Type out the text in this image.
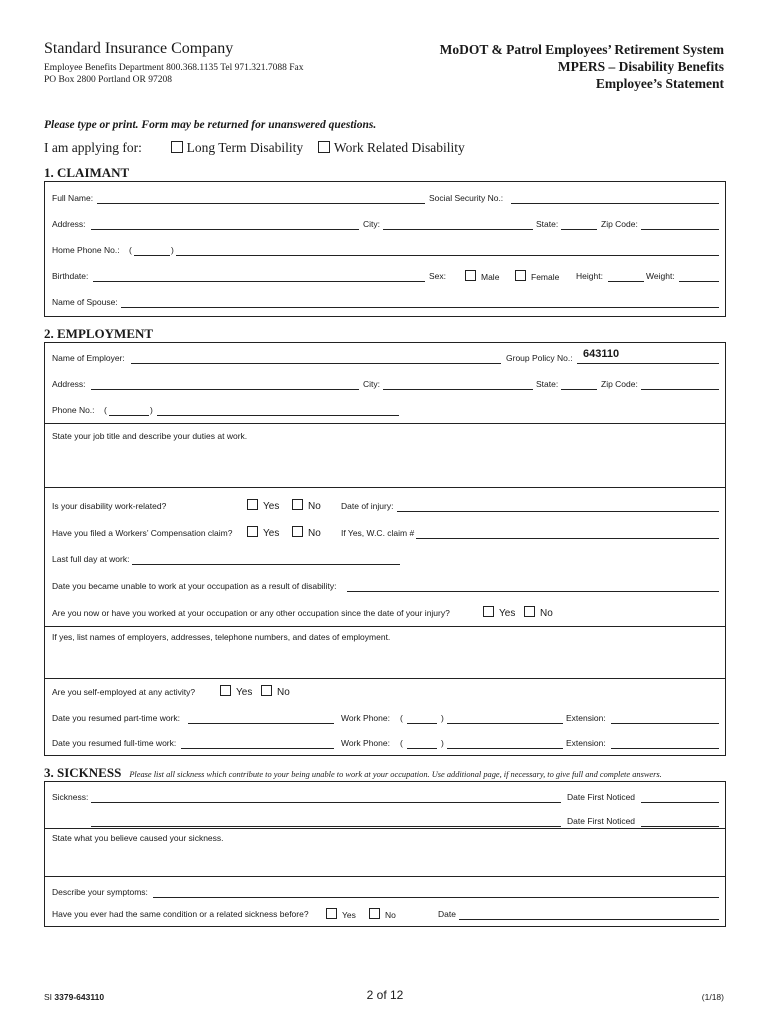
Standard Insurance Company
Employee Benefits Department 800.368.1135 Tel 971.321.7088 Fax
PO Box 2800 Portland OR 97208
MoDOT & Patrol Employees’ Retirement System
MPERS – Disability Benefits
Employee’s Statement
Please type or print. Form may be returned for unanswered questions.
I am applying for:	Long Term Disability Work Related Disability
1. CLAIMANT
Full Name:	Social Security No.:
Address:	City:	State:	Zip Code:
Home Phone No.: (	)
Birthdate:	Sex:	Male	Female Height:	Weight:
Name of Spouse:
2. EMPLOYMENT
Name of Employer:	Group Policy No.: 643110
Address:	City:	State:	Zip Code:
Phone No.: (	)
State your job title and describe your duties at work.
Is your disability work-related?	Yes	No Date of injury:
Have you filed a Workers’ Compensation claim?	Yes	No If Yes, W.C. claim #
Last full day at work:
Date you became unable to work at your occupation as a result of disability:
Are you now or have you worked at your occupation or any other occupation since the date of your injury?	Yes	No
If yes, list names of employers, addresses, telephone numbers, and dates of employment.
Are you self-employed at any activity?	Yes	No
Date you resumed part-time work:	Work Phone: (	)	Extension:
Date you resumed full-time work:	Work Phone: (	)	Extension:
3. SICKNESS Please list all sickness which contribute to your being unable to work at your occupation. Use additional page, if necessary, to give full and complete answers.
Sickness:	Date First Noticed
Date First Noticed
State what you believe caused your sickness.
Describe your symptoms:
Have you ever had the same condition or a related sickness before?	Yes	No	Date
SI 3379-643110	2 of 12	(1/18)
